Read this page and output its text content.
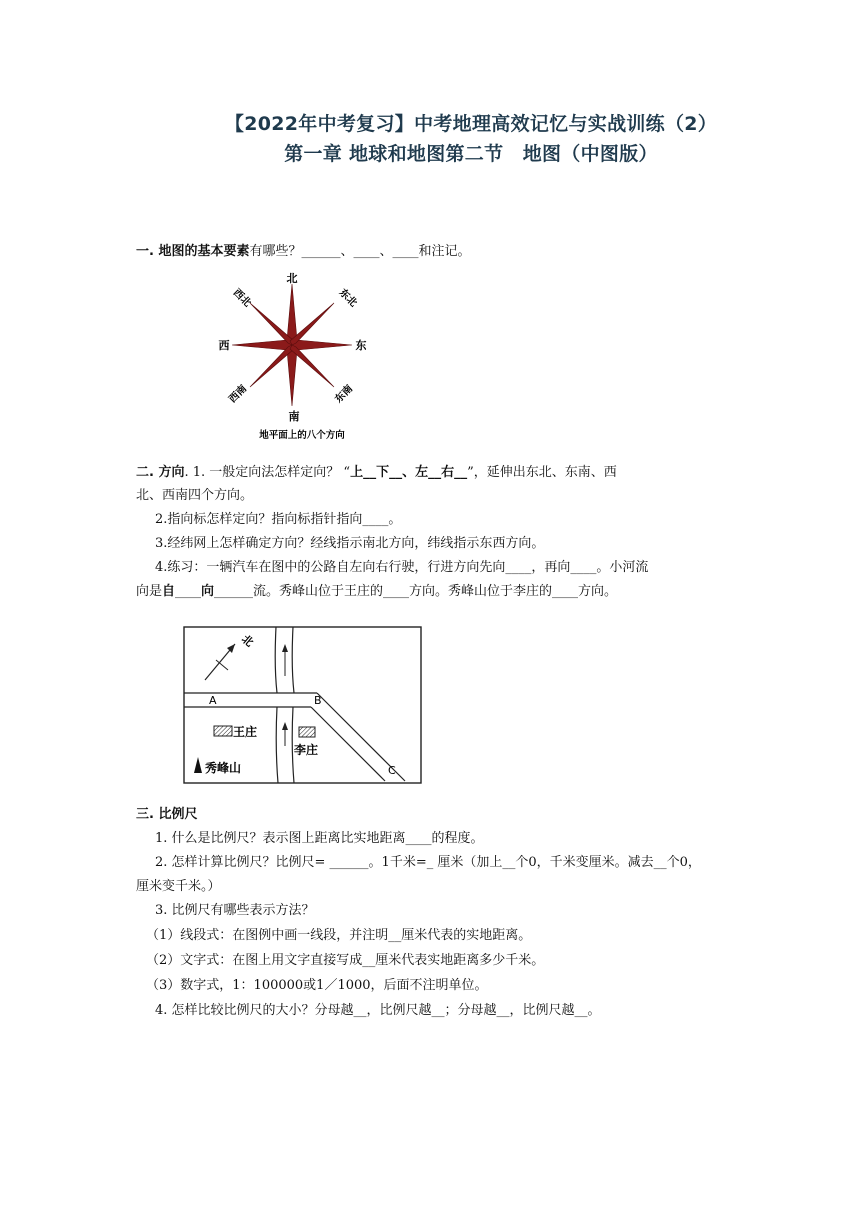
【2022年中考复习】中考地理高效记忆与实战训练（2）
第一章 地球和地图第二节　地图（中图版）

一. 地图的基本要素有哪些？______、____、____和注记。

北
南
西	东
西北	东北
西南	东南
地平面上的八个方向

二. 方向. 1. 一般定向法怎样定向？ “上__下__、左__右__”，延伸出东北、东南、西

北、西南四个方向。

2.指向标怎样定向？指向标指针指向____。

3.经纬网上怎样确定方向？经线指示南北方向，纬线指示东西方向。

4.练习：一辆汽车在图中的公路自左向右行驶，行进方向先向____，再向____。小河流

向是自____向______流。秀峰山位于王庄的____方向。秀峰山位于李庄的____方向。

北
A	B
C
王庄
李庄
秀峰山

三. 比例尺

1. 什么是比例尺？表示图上距离比实地距离____的程度。

2. 怎样计算比例尺？比例尺= ______。1千米=_ 厘米（加上__个0，千米变厘米。减去__个0，

厘米变千米。）

3. 比例尺有哪些表示方法？

（1）线段式：在图例中画一线段，并注明__厘米代表的实地距离。

（2）文字式：在图上用文字直接写成__厘米代表实地距离多少千米。

（3）数字式，1：100000或1／1000，后面不注明单位。

4. 怎样比较比例尺的大小？分母越__，比例尺越__；分母越__，比例尺越__。
